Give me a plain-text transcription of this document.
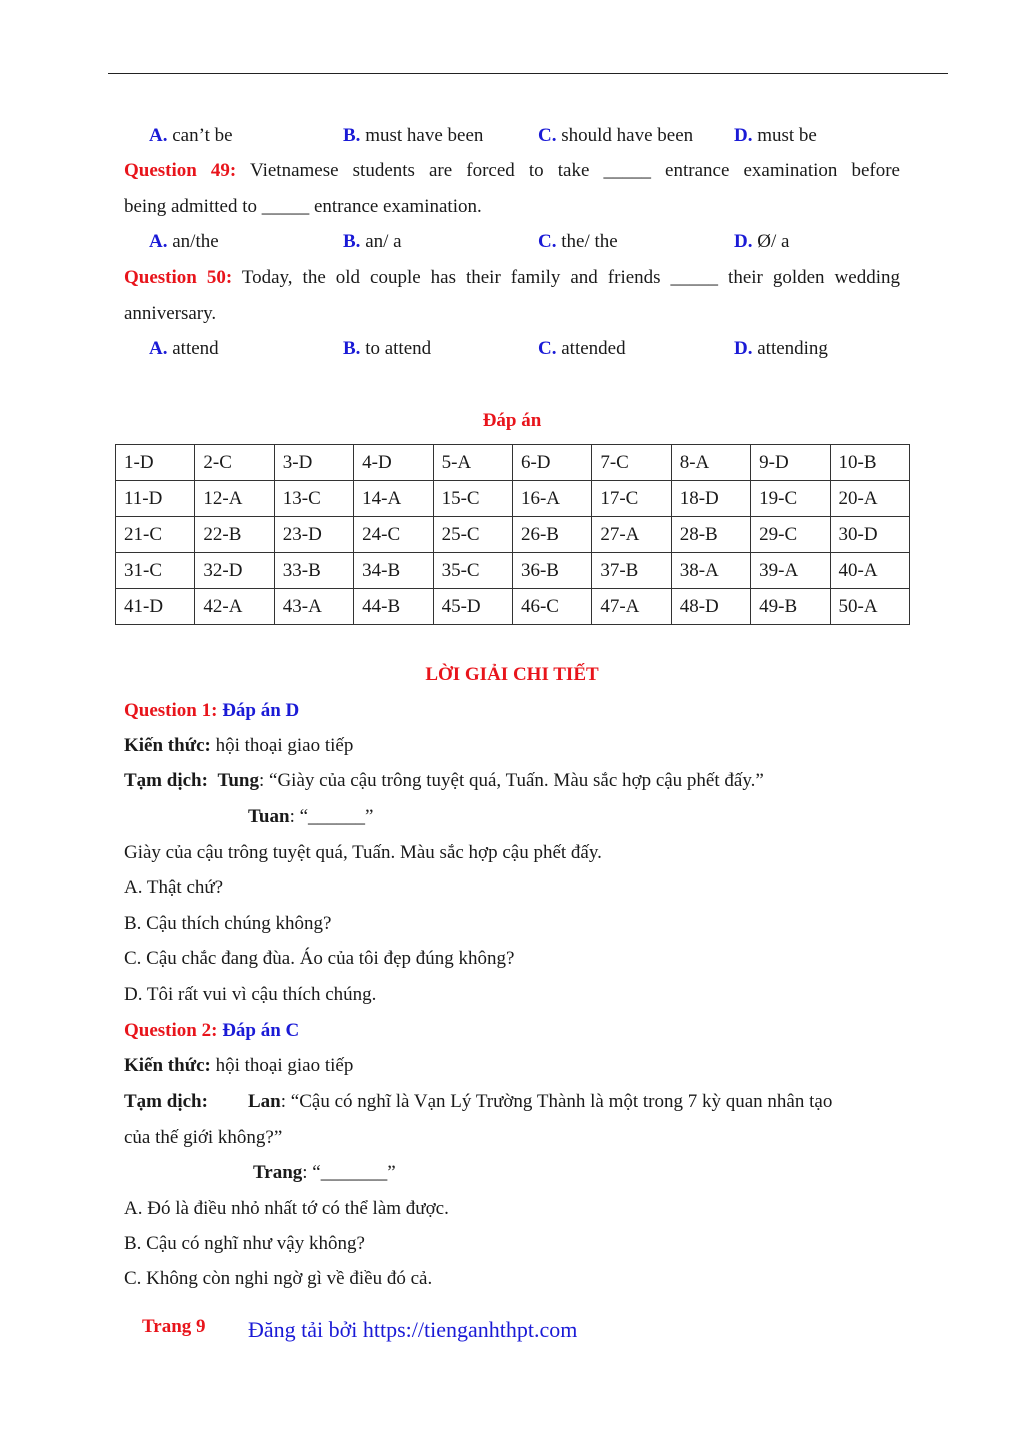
A. can’t be	B. must have been	C. should have been D. must be
Question 49: Vietnamese students are forced to take _____ entrance examination before
being admitted to _____ entrance examination.
A. an/the	B. an/ a	C. the/ the	D. Ø/ a
Question 50: Today, the old couple has their family and friends _____ their golden wedding
anniversary.
A. attend	B. to attend	C. attended	D. attending
Đáp án
1-D	2-C	3-D	4-D	5-A	6-D	7-C	8-A	9-D	10-B
11-D	12-A	13-C	14-A	15-C	16-A	17-C	18-D	19-C	20-A
21-C	22-B	23-D	24-C	25-C	26-B	27-A	28-B	29-C	30-D
31-C	32-D	33-B	34-B	35-C	36-B	37-B	38-A	39-A	40-A
41-D	42-A	43-A	44-B	45-D	46-C	47-A	48-D	49-B	50-A
LỜI GIẢI CHI TIẾT
Question 1: Đáp án D
Kiến thức: hội thoại giao tiếp
Tạm dịch: Tung: “Giày của cậu trông tuyệt quá, Tuấn. Màu sắc hợp cậu phết đấy.”
Tuan: “______”
Giày của cậu trông tuyệt quá, Tuấn. Màu sắc hợp cậu phết đấy.
A. Thật chứ?
B. Cậu thích chúng không?
C. Cậu chắc đang đùa. Áo của tôi đẹp đúng không?
D. Tôi rất vui vì cậu thích chúng.
Question 2: Đáp án C
Kiến thức: hội thoại giao tiếp
Tạm dịch: Lan: “Cậu có nghĩ là Vạn Lý Trường Thành là một trong 7 kỳ quan nhân tạo
của thế giới không?”
Trang: “_______”
A. Đó là điều nhỏ nhất tớ có thể làm được.
B. Cậu có nghĩ như vậy không?
C. Không còn nghi ngờ gì về điều đó cả.
Trang 9 Đăng tải bởi https://tienganhthpt.com
